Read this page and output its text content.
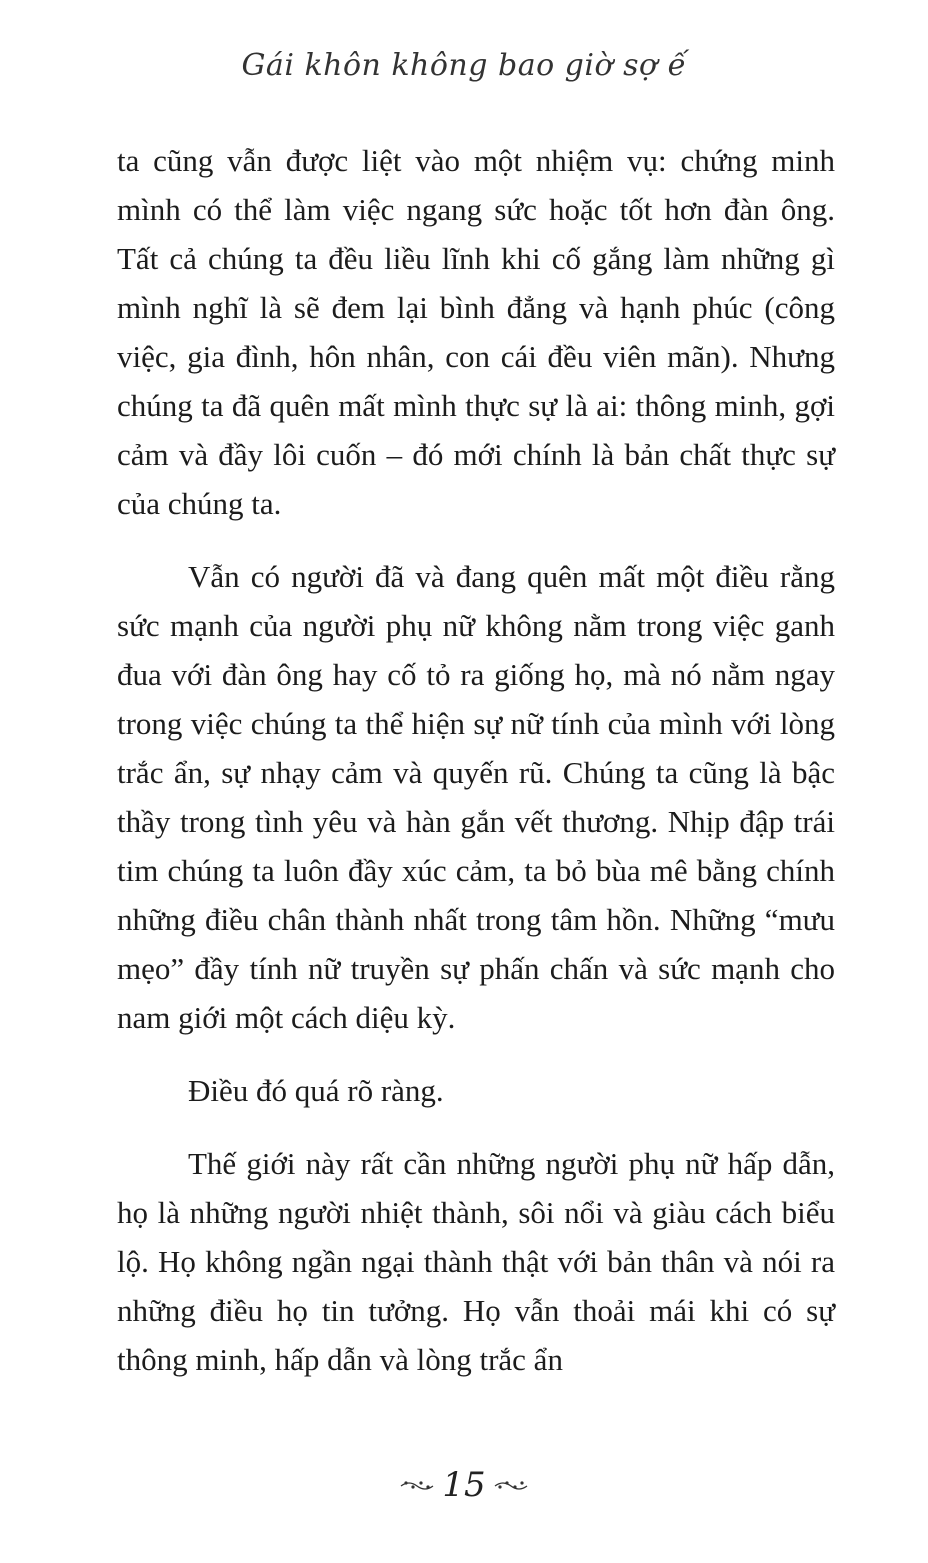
Gái khôn không bao giờ sợ ế

ta cũng vẫn được liệt vào một nhiệm vụ: chứng minh mình có thể làm việc ngang sức hoặc tốt hơn đàn ông. Tất cả chúng ta đều liều lĩnh khi cố gắng làm những gì mình nghĩ là sẽ đem lại bình đẳng và hạnh phúc (công việc, gia đình, hôn nhân, con cái đều viên mãn). Nhưng chúng ta đã quên mất mình thực sự là ai: thông minh, gợi cảm và đầy lôi cuốn – đó mới chính là bản chất thực sự của chúng ta.

Vẫn có người đã và đang quên mất một điều rằng sức mạnh của người phụ nữ không nằm trong việc ganh đua với đàn ông hay cố tỏ ra giống họ, mà nó nằm ngay trong việc chúng ta thể hiện sự nữ tính của mình với lòng trắc ẩn, sự nhạy cảm và quyến rũ. Chúng ta cũng là bậc thầy trong tình yêu và hàn gắn vết thương. Nhịp đập trái tim chúng ta luôn đầy xúc cảm, ta bỏ bùa mê bằng chính những điều chân thành nhất trong tâm hồn. Những “mưu mẹo” đầy tính nữ truyền sự phấn chấn và sức mạnh cho nam giới một cách diệu kỳ.

Điều đó quá rõ ràng.

Thế giới này rất cần những người phụ nữ hấp dẫn, họ là những người nhiệt thành, sôi nổi và giàu cách biểu lộ. Họ không ngần ngại thành thật với bản thân và nói ra những điều họ tin tưởng. Họ vẫn thoải mái khi có sự thông minh, hấp dẫn và lòng trắc ẩn

15
